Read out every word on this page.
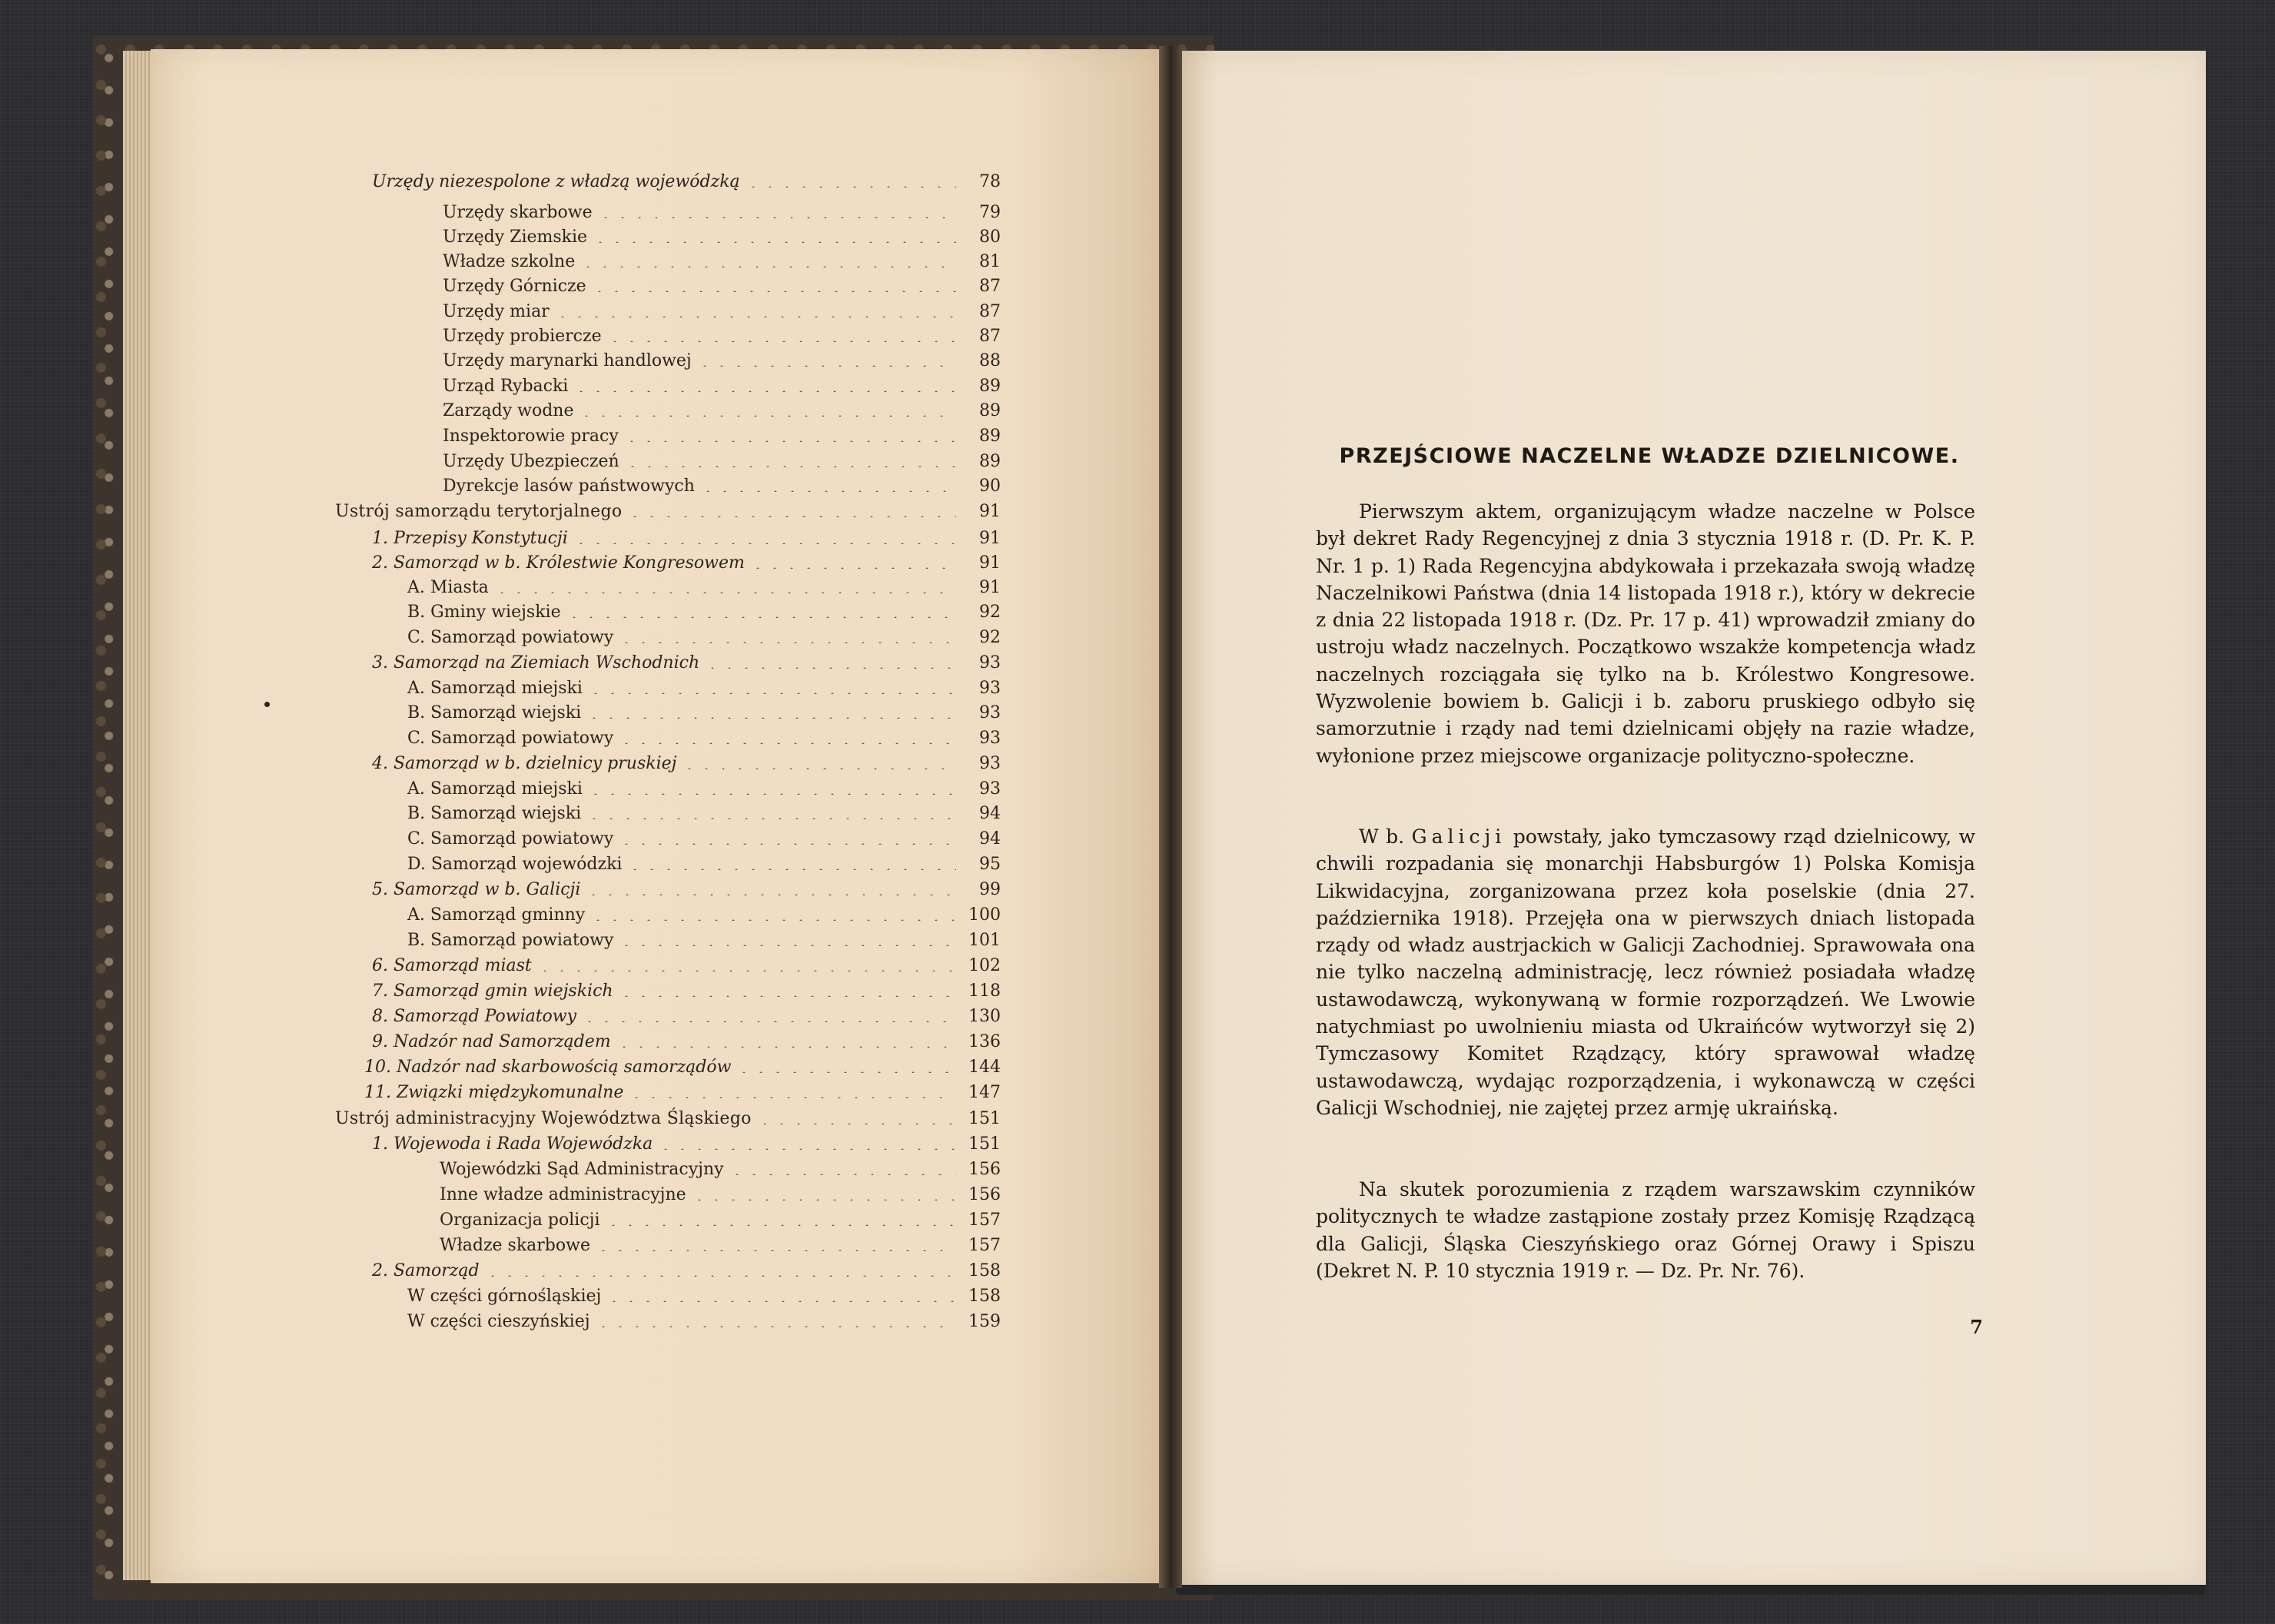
Urzędy niezespolone z władzą wojewódzką	78
Urzędy skarbowe	79
Urzędy Ziemskie	80
Władze szkolne	81
Urzędy Górnicze	87
Urzędy miar	87
Urzędy probiercze	87
Urzędy marynarki handlowej	88
Urząd Rybacki	89
Zarządy wodne	89
Inspektorowie pracy	89
Urzędy Ubezpieczeń	89
Dyrekcje lasów państwowych	90
Ustrój samorządu terytorjalnego	91
1. Przepisy Konstytucji	91
2. Samorząd w b. Królestwie Kongresowem	91
A. Miasta	91
B. Gminy wiejskie	92
C. Samorząd powiatowy	92
3. Samorząd na Ziemiach Wschodnich	93
A. Samorząd miejski	93
B. Samorząd wiejski	93
C. Samorząd powiatowy	93
4. Samorząd w b. dzielnicy pruskiej	93
A. Samorząd miejski	93
B. Samorząd wiejski	94
C. Samorząd powiatowy	94
D. Samorząd wojewódzki	95
5. Samorząd w b. Galicji	99
A. Samorząd gminny	100
B. Samorząd powiatowy	101
6. Samorząd miast	102
7. Samorząd gmin wiejskich	118
8. Samorząd Powiatowy	130
9. Nadzór nad Samorządem	136
10. Nadzór nad skarbowością samorządów	144
11. Związki międzykomunalne	147
Ustrój administracyjny Województwa Śląskiego	151
1. Wojewoda i Rada Wojewódzka	151
Wojewódzki Sąd Administracyjny	156
Inne władze administracyjne	156
Organizacja policji	157
Władze skarbowe	157
2. Samorząd	158
W części górnośląskiej	158
W części cieszyńskiej	159
PRZEJŚCIOWE NACZELNE WŁADZE DZIELNICOWE.

Pierwszym aktem, organizującym władze naczelne w Polsce był dekret Rady Regencyjnej z dnia 3 stycznia 1918 r. (D. Pr. K. P. Nr. 1 p. 1) Rada Regencyjna abdykowała i przekazała swoją władzę Naczelnikowi Państwa (dnia 14 listopada 1918 r.), który w dekrecie z dnia 22 listopada 1918 r. (Dz. Pr. 17 p. 41) wprowadził zmiany do ustroju władz naczelnych. Początkowo wszakże kompetencja władz naczelnych rozciągała się tylko na b. Królestwo Kongresowe. Wyzwolenie bowiem b. Galicji i b. zaboru pruskiego odbyło się samorzutnie i rządy nad temi dzielnicami objęły na razie władze, wyłonione przez miejscowe organizacje polityczno-społeczne.

W b. Galicji powstały, jako tymczasowy rząd dzielnicowy, w chwili rozpadania się monarchji Habsburgów 1) Polska Komisja Likwidacyjna, zorganizowana przez koła poselskie (dnia 27. października 1918). Przejęła ona w pierwszych dniach listopada rządy od władz austrjackich w Galicji Zachodniej. Sprawowała ona nie tylko naczelną administrację, lecz również posiadała władzę ustawodawczą, wykonywaną w formie rozporządzeń. We Lwowie natychmiast po uwolnieniu miasta od Ukraińców wytworzył się 2) Tymczasowy Komitet Rządzący, który sprawował władzę ustawodawczą, wydając rozporządzenia, i wykonawczą w części Galicji Wschodniej, nie zajętej przez armję ukraińską.

Na skutek porozumienia z rządem warszawskim czynników politycznych te władze zastąpione zostały przez Komisję Rządzącą dla Galicji, Śląska Cieszyńskiego oraz Górnej Orawy i Spiszu (Dekret N. P. 10 stycznia 1919 r. — Dz. Pr. Nr. 76).

7
